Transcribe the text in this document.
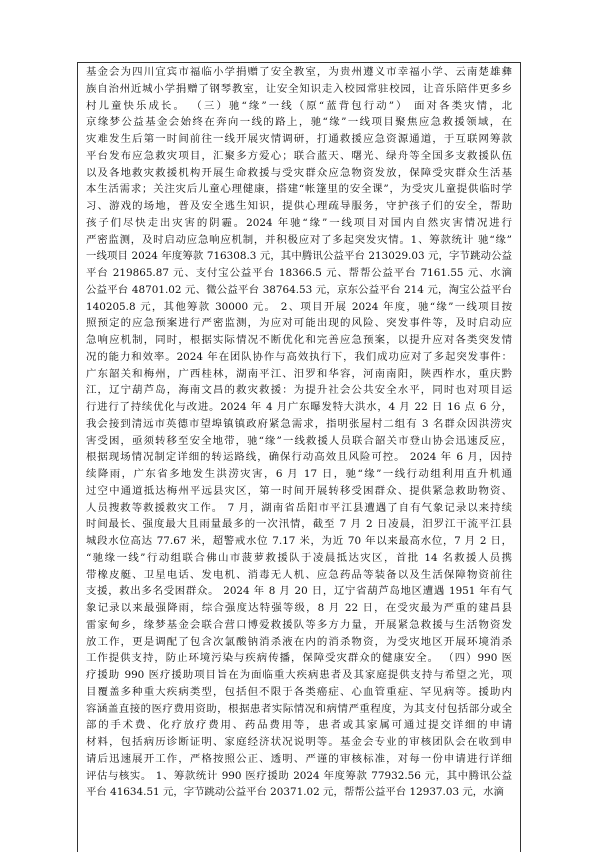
基金会为四川宜宾市福临小学捐赠了安全教室，为贵州遵义市幸福小学、云南楚雄彝
族自治州近城小学捐赠了钢琴教室，让安全知识走入校园常驻校园，让音乐陪伴更多乡
村儿童快乐成长。 （三）驰“缘”一线（原“蓝背包行动”） 面对各类灾情，北
京缘梦公益基金会始终在奔向一线的路上，驰“缘”一线项目聚焦应急救援领域，在
灾难发生后第一时间前往一线开展灾情调研，打通救援应急资源通道，于互联网筹款
平台发布应急救灾项目，汇聚多方爱心；联合蓝天、曙光、绿舟等全国多支救援队伍
以及各地救灾救援机构开展生命救援与受灾群众应急物资发放，保障受灾群众生活基
本生活需求；关注灾后儿童心理健康，搭建“帐篷里的安全课”，为受灾儿童提供临时学
习、游戏的场地，普及安全逃生知识，提供心理疏导服务，守护孩子们的安全，帮助
孩子们尽快走出灾害的阴霾。2024 年驰“缘”一线项目对国内自然灾害情况进行
严密监测，及时启动应急响应机制，并积极应对了多起突发灾情。1、筹款统计 驰“缘”
一线项目 2024 年度筹款 716308.3 元，其中腾讯公益平台 213029.03 元，字节跳动公益
平台 219865.87 元、支付宝公益平台 18366.5 元、帮帮公益平台 7161.55 元、水滴
公益平台 48701.02 元、微公益平台 38764.53 元，京东公益平台 214 元，淘宝公益平台
140205.8 元，其他筹款 30000 元。 2、项目开展 2024 年度，驰“缘”一线项目按
照预定的应急预案进行严密监测，为应对可能出现的风险、突发事件等，及时启动应
急响应机制，同时，根据实际情况不断优化和完善应急预案，以提升应对各类突发情
况的能力和效率。2024 年在团队协作与高效执行下，我们成功应对了多起突发事件：
广东韶关和梅州，广西桂林，湖南平江、汨罗和华容，河南南阳，陕西柞水，重庆黔
江，辽宁葫芦岛，海南文昌的救灾救援：为提升社会公共安全水平，同时也对项目运
行进行了持续优化与改进。2024 年 4 月广东曝发特大洪水，4 月 22 日 16 点 6 分，
我会接到清远市英德市望埠镇镇政府紧急需求，指明张屋村二组有 3 名群众因洪涝灾
害受困，亟须转移至安全地带，驰“缘”一线救援人员联合韶关市登山协会迅速反应，
根据现场情况制定详细的转运路线，确保行动高效且风险可控。 2024 年 6 月，因持
续降雨，广东省多地发生洪涝灾害，6 月 17 日，驰“缘”一线行动组利用直升机通
过空中通道抵达梅州平远县灾区，第一时间开展转移受困群众、提供紧急救助物资、
人员搜救等救援救灾工作。 7 月，湖南省岳阳市平江县遭遇了自有气象记录以来持续
时间最长、强度最大且雨量最多的一次汛情，截至 7 月 2 日凌晨，汨罗江干流平江县
城段水位高达 77.67 米，超警戒水位 7.17 米，为近 70 年以来最高水位，7 月 2 日，
“驰缘一线”行动组联合佛山市菠萝救援队于凌晨抵达灾区，首批 14 名救援人员携
带橡皮艇、卫星电话、发电机、消毒无人机、应急药品等装备以及生活保障物资前往
支援，救出多名受困群众。 2024 年 8 月 20 日，辽宁省葫芦岛地区遭遇 1951 年有气
象记录以来最强降雨，综合强度达特强等级，8 月 22 日，在受灾最为严重的建昌县
雷家甸乡，缘梦基金会联合营口博爱救援队等多方力量，开展紧急救援与生活物资发
放工作，更是调配了包含次氯酸钠消杀液在内的消杀物资，为受灾地区开展环境消杀
工作提供支持，防止环境污染与疾病传播，保障受灾群众的健康安全。 （四）990 医
疗援助 990 医疗援助项目旨在为面临重大疾病患者及其家庭提供支持与希望之光，项
目覆盖多种重大疾病类型，包括但不限于各类癌症、心血管重症、罕见病等。援助内
容涵盖直接的医疗费用资助，根据患者实际情况和病情严重程度，为其支付包括部分或全
部的手术费、化疗放疗费用、药品费用等，患者或其家属可通过提交详细的申请
材料，包括病历诊断证明、家庭经济状况说明等。基金会专业的审核团队会在收到申
请后迅速展开工作，严格按照公正、透明、严谨的审核标准，对每一份申请进行详细
评估与核实。 1、筹款统计 990 医疗援助 2024 年度筹款 77932.56 元，其中腾讯公益
平台 41634.51 元，字节跳动公益平台 20371.02 元，帮帮公益平台 12937.03 元，水滴
